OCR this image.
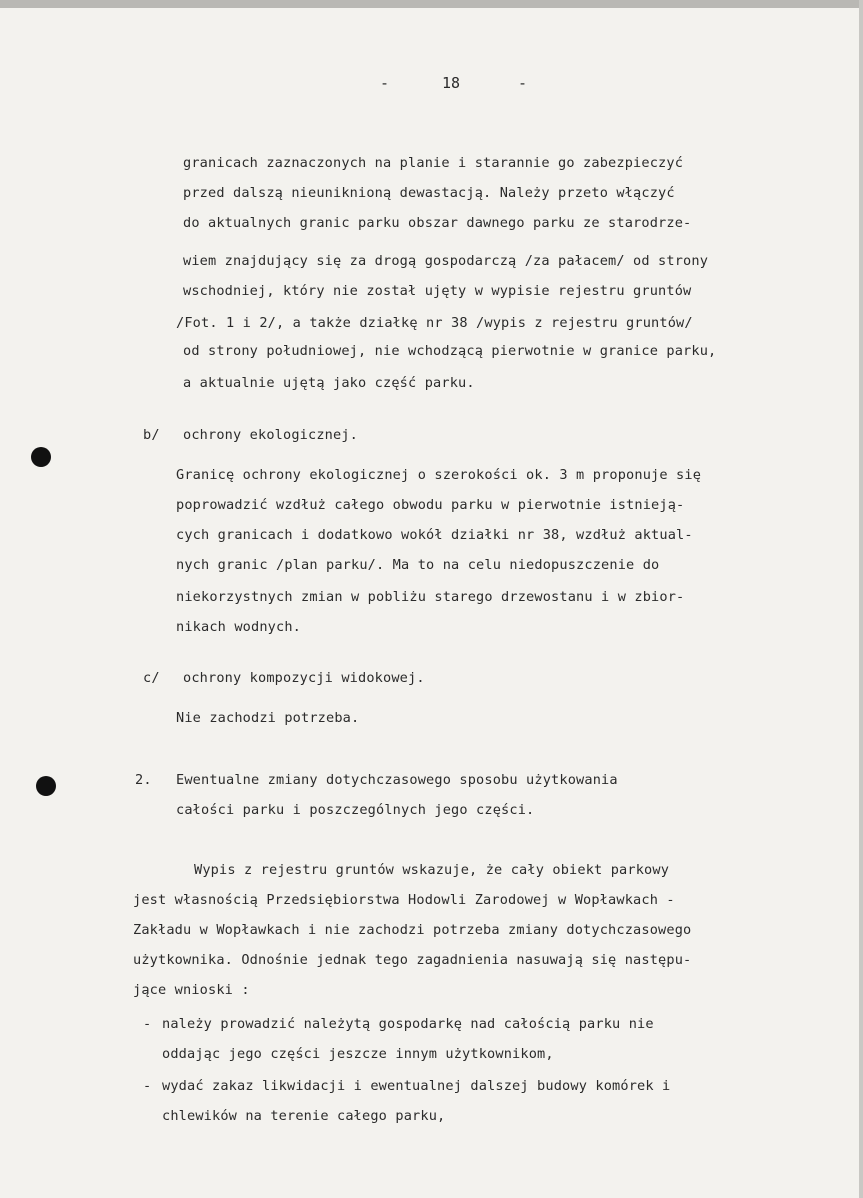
-	18	-
granicach zaznaczonych na planie i starannie go zabezpieczyć
przed dalszą nieuniknioną dewastacją. Należy przeto włączyć
do aktualnych granic parku obszar dawnego parku ze starodrze-
wiem znajdujący się za drogą gospodarczą /za pałacem/ od strony
wschodniej, który nie został ujęty w wypisie rejestru gruntów
/Fot. 1 i 2/, a także działkę nr 38 /wypis z rejestru gruntów/
od strony południowej, nie wchodzącą pierwotnie w granice parku,
a aktualnie ujętą jako część parku.
b/ ochrony ekologicznej.
Granicę ochrony ekologicznej o szerokości ok. 3 m proponuje się
poprowadzić wzdłuż całego obwodu parku w pierwotnie istnieją-
cych granicach i dodatkowo wokół działki nr 38, wzdłuż aktual-
nych granic /plan parku/. Ma to na celu niedopuszczenie do
niekorzystnych zmian w pobliżu starego drzewostanu i w zbior-
nikach wodnych.
c/ ochrony kompozycji widokowej.
Nie zachodzi potrzeba.
2. Ewentualne zmiany dotychczasowego sposobu użytkowania
całości parku i poszczególnych jego części.
Wypis z rejestru gruntów wskazuje, że cały obiekt parkowy
jest własnością Przedsiębiorstwa Hodowli Zarodowej w Wopławkach -
Zakładu w Wopławkach i nie zachodzi potrzeba zmiany dotychczasowego
użytkownika. Odnośnie jednak tego zagadnienia nasuwają się następu-
jące wnioski :
- należy prowadzić należytą gospodarkę nad całością parku nie
oddając jego części jeszcze innym użytkownikom,
- wydać zakaz likwidacji i ewentualnej dalszej budowy komórek i
chlewików na terenie całego parku,
